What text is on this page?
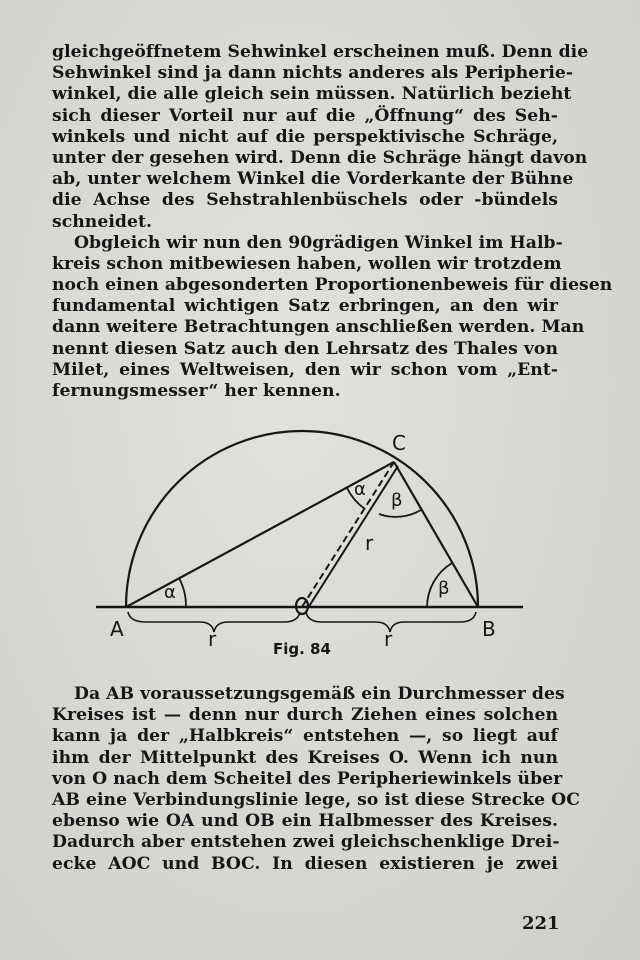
gleichgeöffnetem Sehwinkel erscheinen muß. Denn die
Sehwinkel sind ja dann nichts anderes als Peripherie-
winkel, die alle gleich sein müssen. Natürlich bezieht
sich dieser Vorteil nur auf die „Öffnung“ des Seh-
winkels und nicht auf die perspektivische Schräge,
unter der gesehen wird. Denn die Schräge hängt davon
ab, unter welchem Winkel die Vorderkante der Bühne
die Achse des Sehstrahlenbüschels oder -bündels
schneidet.
Obgleich wir nun den 90grädigen Winkel im Halb-
kreis schon mitbewiesen haben, wollen wir trotzdem
noch einen abgesonderten Proportionenbeweis für diesen
fundamental wichtigen Satz erbringen, an den wir
dann weitere Betrachtungen anschließen werden. Man
nennt diesen Satz auch den Lehrsatz des Thales von
Milet, eines Weltweisen, den wir schon vom „Ent-
fernungsmesser“ her kennen.
A	B
C
r	r
r
α
α
β
β
Fig. 84
Da AB voraussetzungsgemäß ein Durchmesser des
Kreises ist — denn nur durch Ziehen eines solchen
kann ja der „Halbkreis“ entstehen —, so liegt auf
ihm der Mittelpunkt des Kreises O. Wenn ich nun
von O nach dem Scheitel des Peripheriewinkels über
AB eine Verbindungslinie lege, so ist diese Strecke OC
ebenso wie OA und OB ein Halbmesser des Kreises.
Dadurch aber entstehen zwei gleichschenklige Drei-
ecke AOC und BOC. In diesen existieren je zwei
221
